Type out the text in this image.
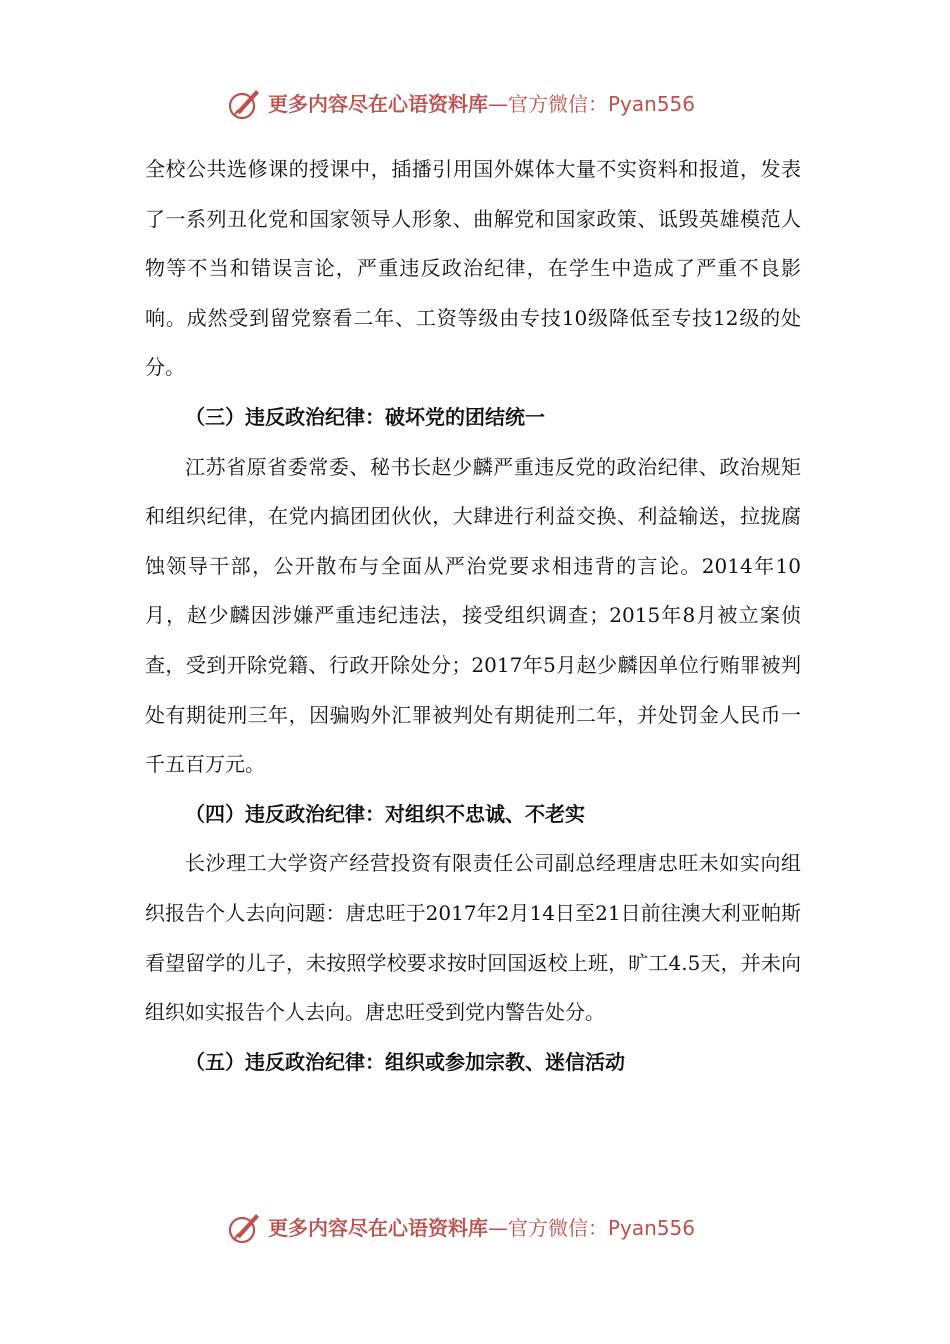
更多内容尽在心语资料库—官方微信：Pyan556

全校公共选修课的授课中，插播引用国外媒体大量不实资料和报道，发表了一系列丑化党和国家领导人形象、曲解党和国家政策、诋毁英雄模范人物等不当和错误言论，严重违反政治纪律，在学生中造成了严重不良影响。成然受到留党察看二年、工资等级由专技10级降低至专技12级的处分。

（三）违反政治纪律：破坏党的团结统一

江苏省原省委常委、秘书长赵少麟严重违反党的政治纪律、政治规矩和组织纪律，在党内搞团团伙伙，大肆进行利益交换、利益输送，拉拢腐蚀领导干部，公开散布与全面从严治党要求相违背的言论。2014年10月，赵少麟因涉嫌严重违纪违法，接受组织调查；2015年8月被立案侦查，受到开除党籍、行政开除处分；2017年5月赵少麟因单位行贿罪被判处有期徒刑三年，因骗购外汇罪被判处有期徒刑二年，并处罚金人民币一千五百万元。

（四）违反政治纪律：对组织不忠诚、不老实

长沙理工大学资产经营投资有限责任公司副总经理唐忠旺未如实向组织报告个人去向问题：唐忠旺于2017年2月14日至21日前往澳大利亚帕斯看望留学的儿子，未按照学校要求按时回国返校上班，旷工4.5天，并未向组织如实报告个人去向。唐忠旺受到党内警告处分。

（五）违反政治纪律：组织或参加宗教、迷信活动

更多内容尽在心语资料库—官方微信：Pyan556
